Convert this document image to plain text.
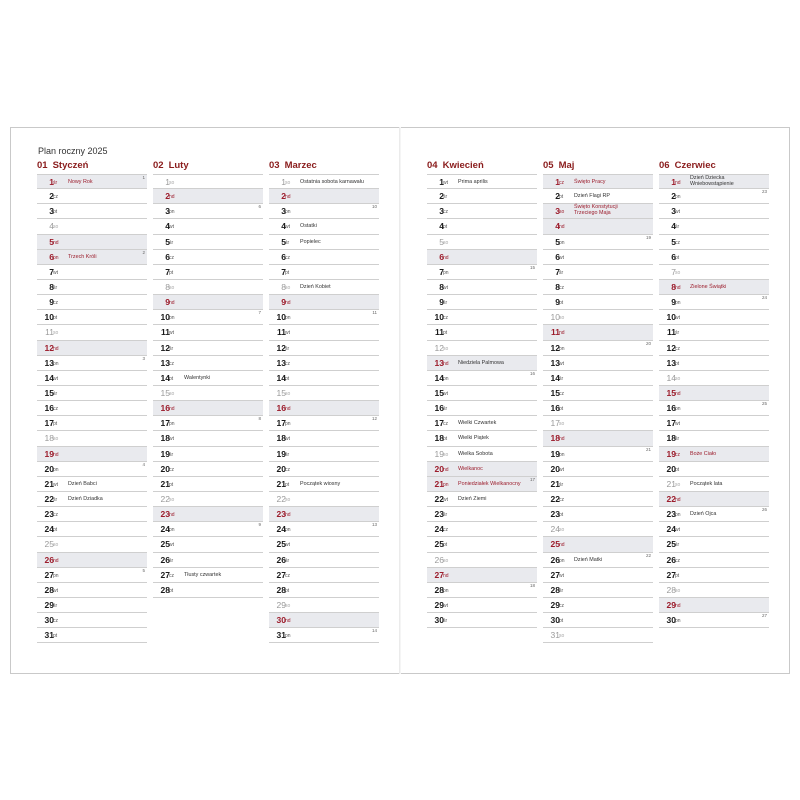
Plan roczny 2025
01 Styczeń
1 śr Nowy Rok
1
2 cz
3 pt
4 so
5 nd
6 pn Trzech Króli
2
7 wt
8 śr
9 cz
10 pt
11 so
12 nd
13 pn
3
14 wt
15 śr
16 cz
17 pt
18 so
19 nd
20 pn
4
21 wt Dzień Babci
22 śr Dzień Dziadka
23 cz
24 pt
25 so
26 nd
27 pn
5
28 wt
29 śr
30 cz
31 pt
02 Luty
1 so
2 nd
3 pn
6
4 wt
5 śr
6 cz
7 pt
8 so
9 nd
10 pn
7
11 wt
12 śr
13 cz
14 pt Walentynki
15 so
16 nd
17 pn
8
18 wt
19 śr
20 cz
21 pt
22 so
23 nd
24 pn
9
25 wt
26 śr
27 cz Tłusty czwartek
28 pt
03 Marzec
1 so Ostatnia sobota karnawału
2 nd
3 pn
10
4 wt Ostatki
5 śr Popielec
6 cz
7 pt
8 so Dzień Kobiet
9 nd
10 pn
11
11 wt
12 śr
13 cz
14 pt
15 so
16 nd
17 pn
12
18 wt
19 śr
20 cz
21 pt Początek wiosny
22 so
23 nd
24 pn
13
25 wt
26 śr
27 cz
28 pt
29 so
30 nd
31 pn
14
04 Kwiecień
1 wt Prima aprilis
2 śr
3 cz
4 pt
5 so
6 nd
7 pn
15
8 wt
9 śr
10 cz
11 pt
12 so
13 nd Niedziela Palmowa
14 pn
16
15 wt
16 śr
17 cz Wielki Czwartek
18 pt Wielki Piątek
19 so Wielka Sobota
20 nd Wielkanoc
21 pn Poniedziałek Wielkanocny
17
22 wt Dzień Ziemi
23 śr
24 cz
25 pt
26 so
27 nd
28 pn
18
29 wt
30 śr
05 Maj
1 cz Święto Pracy
2 pt Dzień Flagi RP
3 so
Święto Konstytucji Trzeciego Maja
4 nd
5 pn
19
6 wt
7 śr
8 cz
9 pt
10 so
11 nd
12 pn
20
13 wt
14 śr
15 cz
16 pt
17 so
18 nd
19 pn
21
20 wt
21 śr
22 cz
23 pt
24 so
25 nd
26 pn Dzień Matki
22
27 wt
28 śr
29 cz
30 pt
31 so
06 Czerwiec
1 nd
Dzień Dziecka Wniebowstąpienie
2 pn
23
3 wt
4 śr
5 cz
6 pt
7 so
8 nd Zielone Świątki
9 pn
24
10 wt
11 śr
12 cz
13 pt
14 so
15 nd
16 pn
25
17 wt
18 śr
19 cz Boże Ciało
20 pt
21 so Początek lata
22 nd
23 pn Dzień Ojca
26
24 wt
25 śr
26 cz
27 pt
28 so
29 nd
30 pn
27
